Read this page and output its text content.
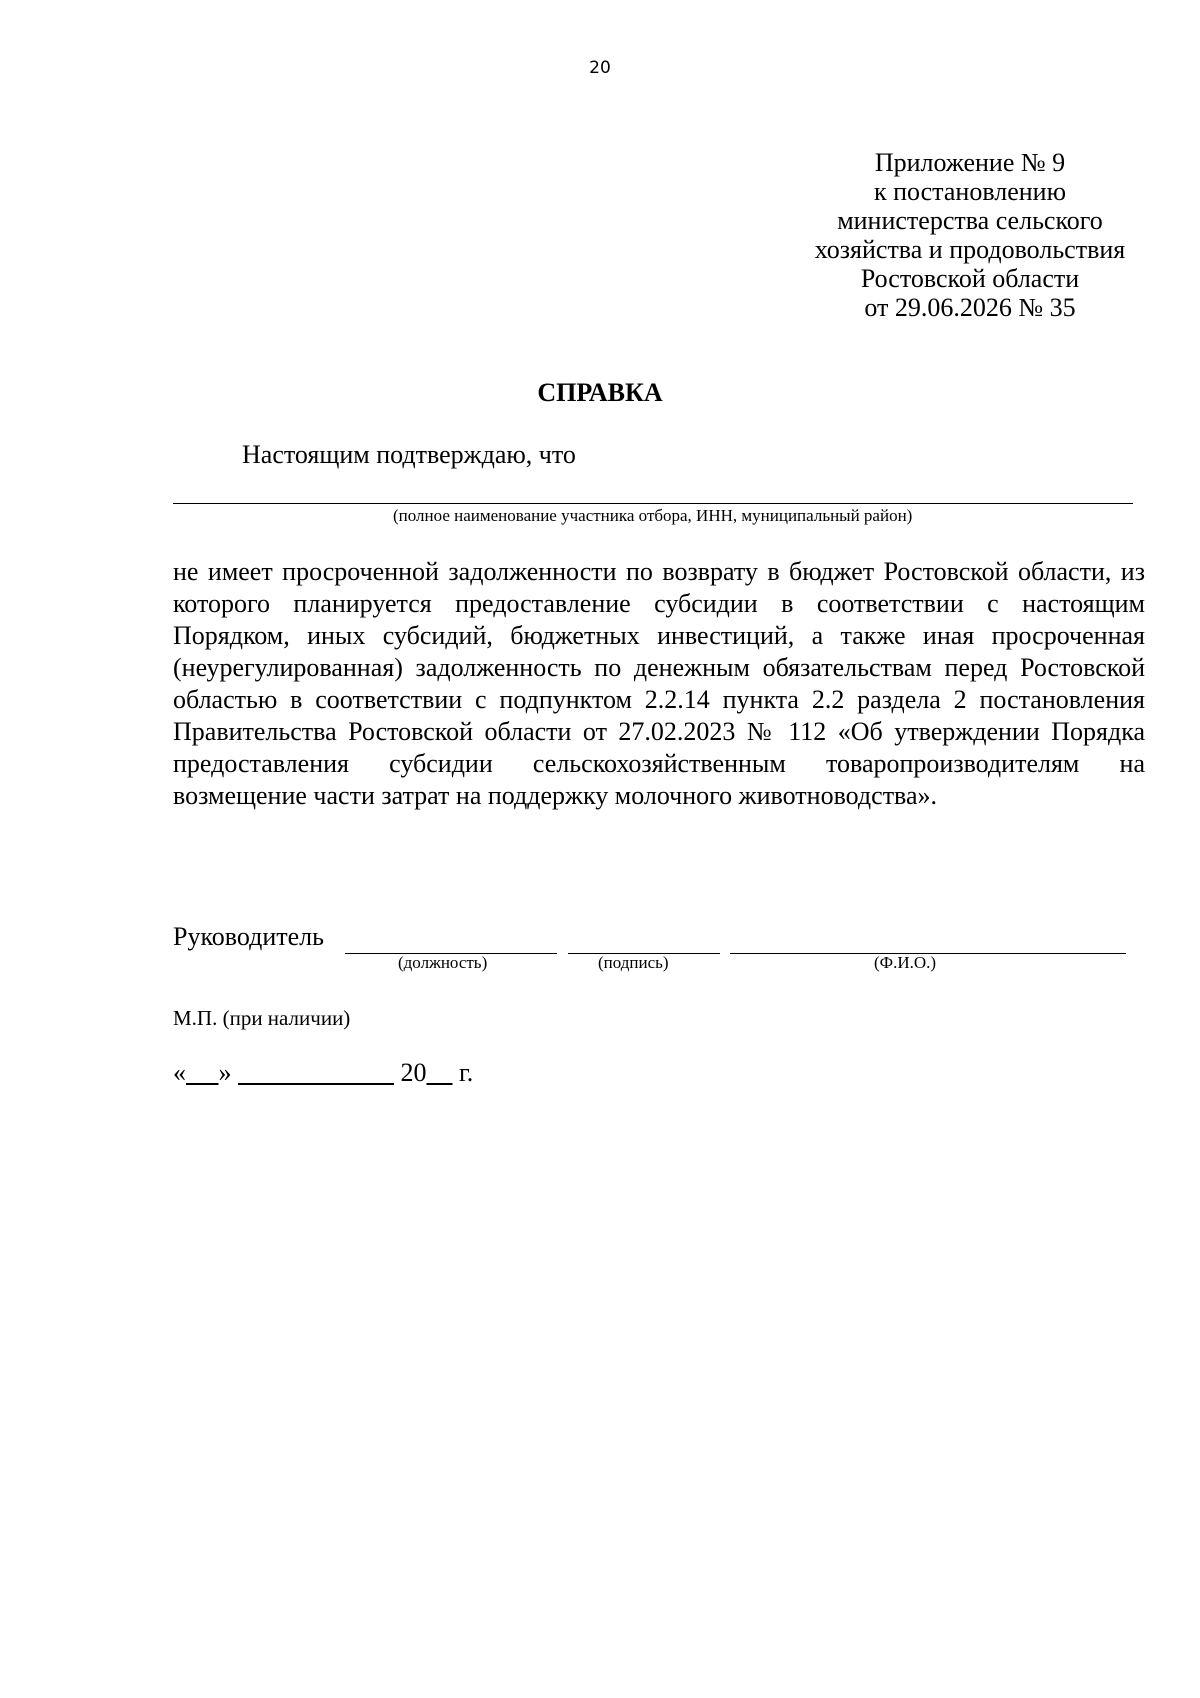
20
Приложение № 9
к постановлению
министерства сельского
хозяйства и продовольствия
Ростовской области
от 29.06.2026 № 35
СПРАВКА
Настоящим подтверждаю, что
(полное наименование участника отбора, ИНН, муниципальный район)
не имеет просроченной задолженности по возврату в бюджет Ростовской области, из которого планируется предоставление субсидии в соответствии с настоящим Порядком, иных субсидий, бюджетных инвестиций, а также иная просроченная (неурегулированная) задолженность по денежным обязательствам перед Ростовской областью в соответствии с подпунктом 2.2.14 пункта 2.2 раздела 2 постановления Правительства Ростовской области от 27.02.2023 № 112 «Об утверждении Порядка предоставления субсидии сельскохозяйственным товаропроизводителям на возмещение части затрат на поддержку молочного животноводства».
Руководитель
(должность)	(подпись)	(Ф.И.О.)
М.П. (при наличии)
« »	20 г.
